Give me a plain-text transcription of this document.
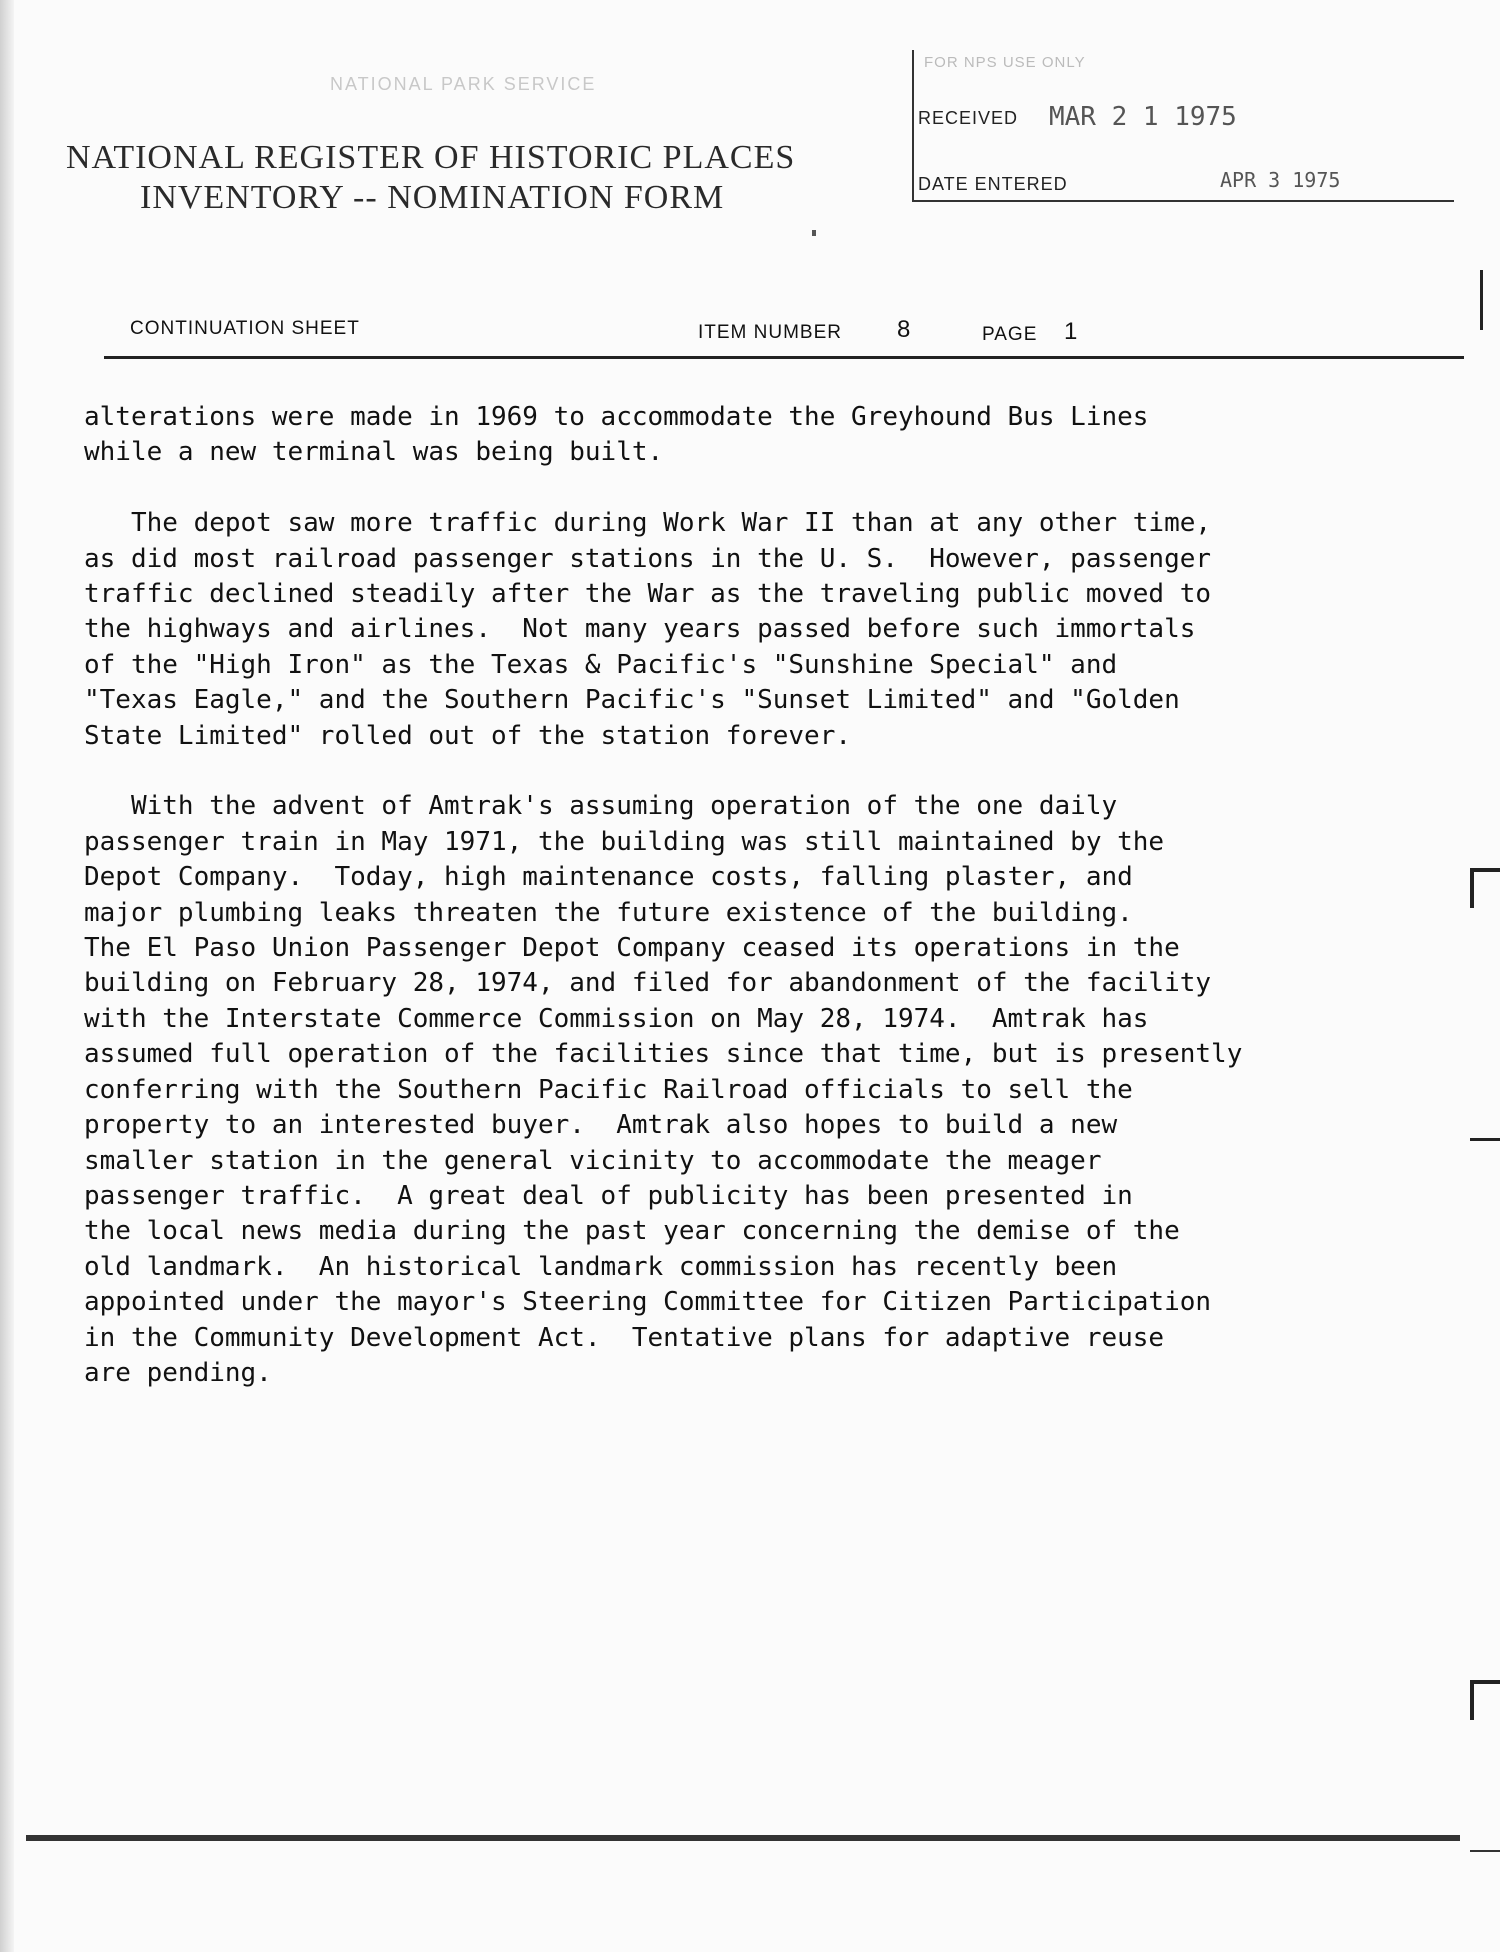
NATIONAL PARK SERVICE
NATIONAL REGISTER OF HISTORIC PLACES
INVENTORY -- NOMINATION FORM
FOR NPS USE ONLY
RECEIVED MAR 2 1 1975
DATE ENTERED	APR 3 1975
CONTINUATION SHEET	ITEM NUMBER 8	PAGE 1

alterations were made in 1969 to accommodate the Greyhound Bus Lines

while a new terminal was being built.

The depot saw more traffic during Work War II than at any other time,

as did most railroad passenger stations in the U. S.  However, passenger

traffic declined steadily after the War as the traveling public moved to

the highways and airlines.  Not many years passed before such immortals

of the "High Iron" as the Texas & Pacific's "Sunshine Special" and

"Texas Eagle," and the Southern Pacific's "Sunset Limited" and "Golden

State Limited" rolled out of the station forever.

With the advent of Amtrak's assuming operation of the one daily

passenger train in May 1971, the building was still maintained by the

Depot Company.  Today, high maintenance costs, falling plaster, and

major plumbing leaks threaten the future existence of the building.

The El Paso Union Passenger Depot Company ceased its operations in the

building on February 28, 1974, and filed for abandonment of the facility

with the Interstate Commerce Commission on May 28, 1974.  Amtrak has

assumed full operation of the facilities since that time, but is presently

conferring with the Southern Pacific Railroad officials to sell the

property to an interested buyer.  Amtrak also hopes to build a new

smaller station in the general vicinity to accommodate the meager

passenger traffic.  A great deal of publicity has been presented in

the local news media during the past year concerning the demise of the

old landmark.  An historical landmark commission has recently been

appointed under the mayor's Steering Committee for Citizen Participation

in the Community Development Act.  Tentative plans for adaptive reuse

are pending.
